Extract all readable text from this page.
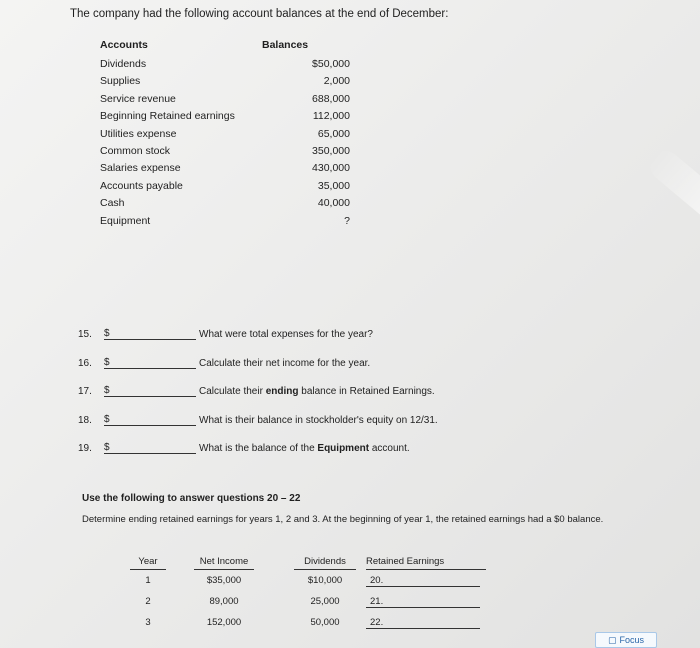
The company had the following account balances at the end of December:
Accounts	Balances
Dividends	$50,000
Supplies	2,000
Service revenue	688,000
Beginning Retained earnings	112,000
Utilities expense	65,000
Common stock	350,000
Salaries expense	430,000
Accounts payable	35,000
Cash	40,000
Equipment	?
15.	$	What were total expenses for the year?
16.	$	Calculate their net income for the year.
17.	$	Calculate their ending balance in Retained Earnings.
18.	$	What is their balance in stockholder's equity on 12/31.
19.	$	What is the balance of the Equipment account.
Use the following to answer questions 20 – 22
Determine ending retained earnings for years 1, 2 and 3. At the beginning of year 1, the retained earnings had a $0 balance.
Year		Net Income		Dividends		Retained Earnings
1		$35,000		$10,000		20.
2		89,000		25,000		21.
3		152,000		50,000		22.
▢ Focus
